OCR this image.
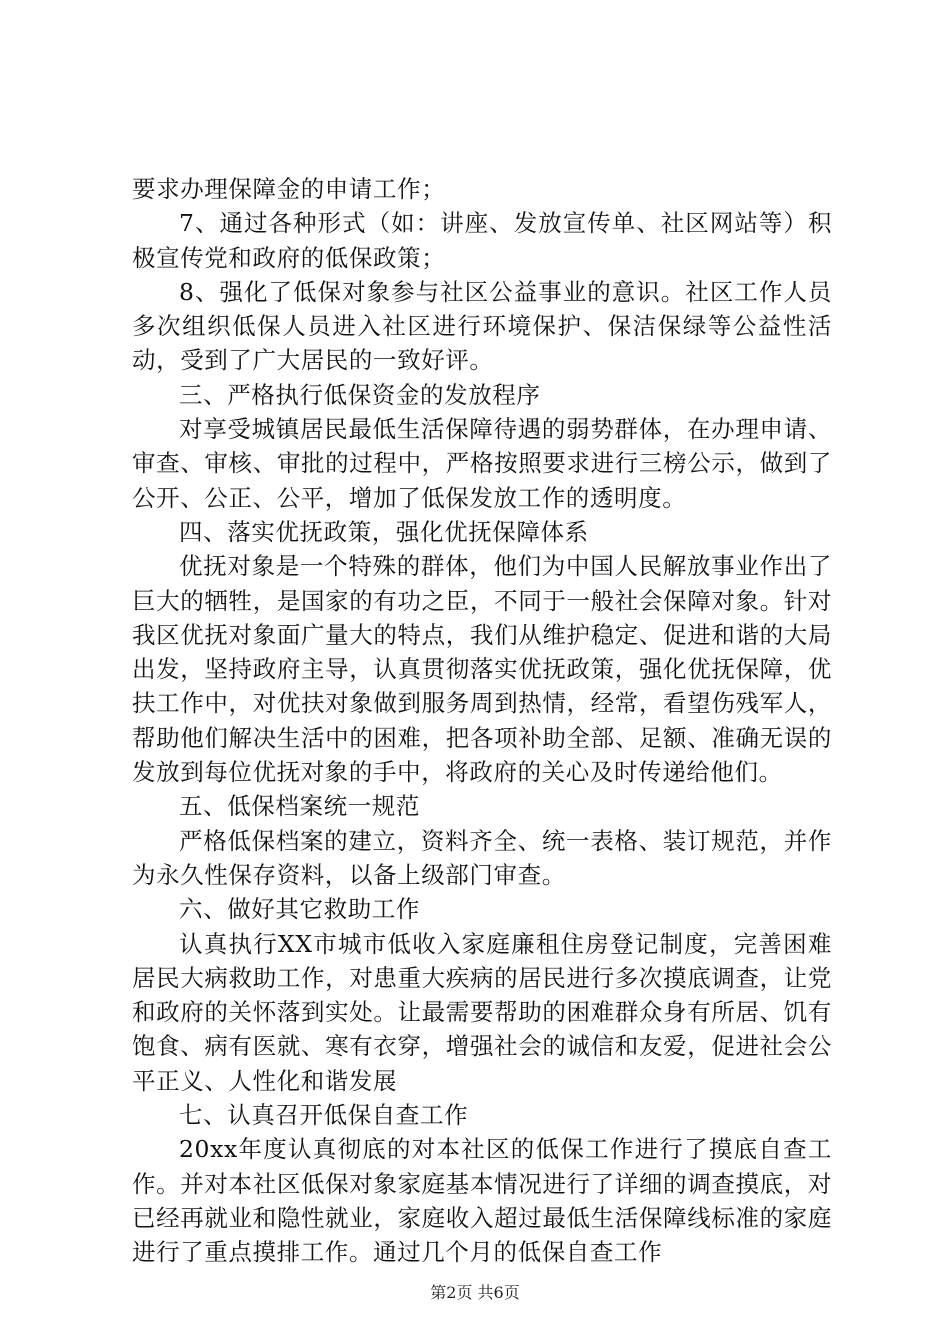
要求办理保障金的申请工作；

7、通过各种形式（如：讲座、发放宣传单、社区网站等）积极宣传党和政府的低保政策；

8、强化了低保对象参与社区公益事业的意识。社区工作人员多次组织低保人员进入社区进行环境保护、保洁保绿等公益性活动，受到了广大居民的一致好评。

三、严格执行低保资金的发放程序

对享受城镇居民最低生活保障待遇的弱势群体，在办理申请、审查、审核、审批的过程中，严格按照要求进行三榜公示，做到了公开、公正、公平，增加了低保发放工作的透明度。

四、落实优抚政策，强化优抚保障体系

优抚对象是一个特殊的群体，他们为中国人民解放事业作出了巨大的牺牲，是国家的有功之臣，不同于一般社会保障对象。针对我区优抚对象面广量大的特点，我们从维护稳定、促进和谐的大局出发，坚持政府主导，认真贯彻落实优抚政策，强化优抚保障，优扶工作中，对优扶对象做到服务周到热情，经常，看望伤残军人，帮助他们解决生活中的困难，把各项补助全部、足额、准确无误的发放到每位优抚对象的手中，将政府的关心及时传递给他们。

五、低保档案统一规范

严格低保档案的建立，资料齐全、统一表格、装订规范，并作为永久性保存资料，以备上级部门审查。

六、做好其它救助工作

认真执行XX市城市低收入家庭廉租住房登记制度，完善困难居民大病救助工作，对患重大疾病的居民进行多次摸底调查，让党和政府的关怀落到实处。让最需要帮助的困难群众身有所居、饥有饱食、病有医就、寒有衣穿，增强社会的诚信和友爱，促进社会公平正义、人性化和谐发展

七、认真召开低保自查工作

20xx年度认真彻底的对本社区的低保工作进行了摸底自查工作。并对本社区低保对象家庭基本情况进行了详细的调查摸底，对已经再就业和隐性就业，家庭收入超过最低生活保障线标准的家庭进行了重点摸排工作。通过几个月的低保自查工作

第2页 共6页
